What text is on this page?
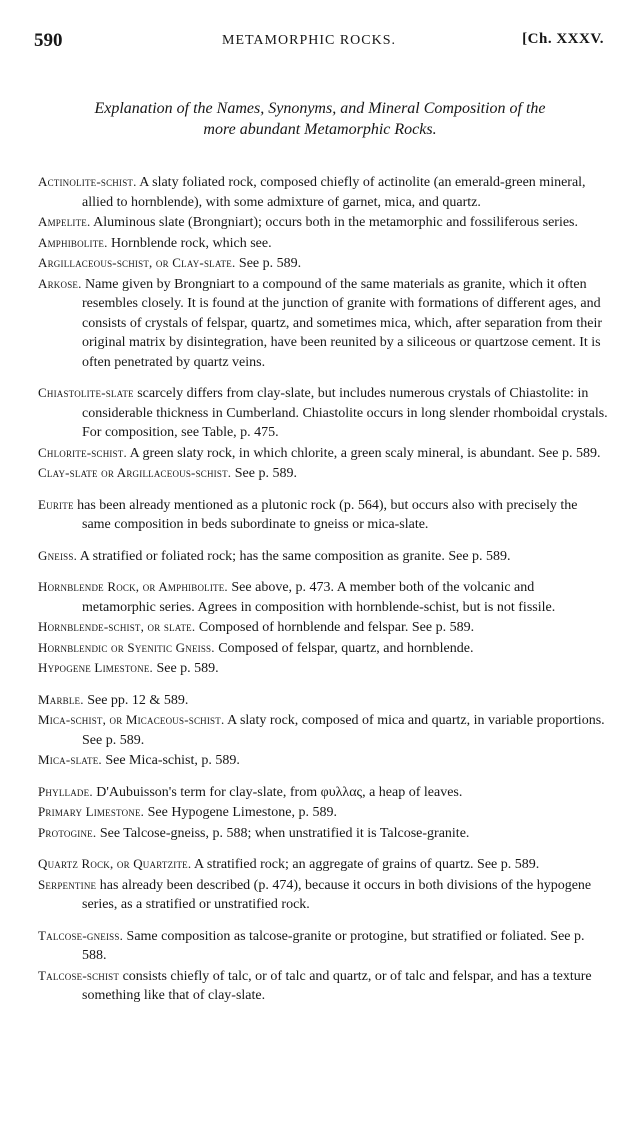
590	METAMORPHIC ROCKS.	[Ch. XXXV.
Explanation of the Names, Synonyms, and Mineral Composition of the
more abundant Metamorphic Rocks.

Actinolite-schist. A slaty foliated rock, composed chiefly of actinolite (an emerald-green mineral, allied to hornblende), with some admixture of garnet, mica, and quartz.

Ampelite. Aluminous slate (Brongniart); occurs both in the metamorphic and fossiliferous series.

Amphibolite. Hornblende rock, which see.

Argillaceous-schist, or Clay-slate. See p. 589.

Arkose. Name given by Brongniart to a compound of the same materials as granite, which it often resembles closely. It is found at the junction of granite with formations of different ages, and consists of crystals of felspar, quartz, and sometimes mica, which, after separation from their original matrix by disintegration, have been reunited by a siliceous or quartzose cement. It is often penetrated by quartz veins.

Chiastolite-slate scarcely differs from clay-slate, but includes numerous crystals of Chiastolite: in considerable thickness in Cumberland. Chiastolite occurs in long slender rhomboidal crystals. For composition, see Table, p. 475.

Chlorite-schist. A green slaty rock, in which chlorite, a green scaly mineral, is abundant. See p. 589.

Clay-slate or Argillaceous-schist. See p. 589.

Eurite has been already mentioned as a plutonic rock (p. 564), but occurs also with precisely the same composition in beds subordinate to gneiss or mica-slate.

Gneiss. A stratified or foliated rock; has the same composition as granite. See p. 589.

Hornblende Rock, or Amphibolite. See above, p. 473. A member both of the volcanic and metamorphic series. Agrees in composition with hornblende-schist, but is not fissile.

Hornblende-schist, or slate. Composed of hornblende and felspar. See p. 589.

Hornblendic or Syenitic Gneiss. Composed of felspar, quartz, and hornblende.

Hypogene Limestone. See p. 589.

Marble. See pp. 12 & 589.

Mica-schist, or Micaceous-schist. A slaty rock, composed of mica and quartz, in variable proportions. See p. 589.

Mica-slate. See Mica-schist, p. 589.

Phyllade. D'Aubuisson's term for clay-slate, from φυλλας, a heap of leaves.

Primary Limestone. See Hypogene Limestone, p. 589.

Protogine. See Talcose-gneiss, p. 588; when unstratified it is Talcose-granite.

Quartz Rock, or Quartzite. A stratified rock; an aggregate of grains of quartz. See p. 589.

Serpentine has already been described (p. 474), because it occurs in both divisions of the hypogene series, as a stratified or unstratified rock.

Talcose-gneiss. Same composition as talcose-granite or protogine, but stratified or foliated. See p. 588.

Talcose-schist consists chiefly of talc, or of talc and quartz, or of talc and felspar, and has a texture something like that of clay-slate.
